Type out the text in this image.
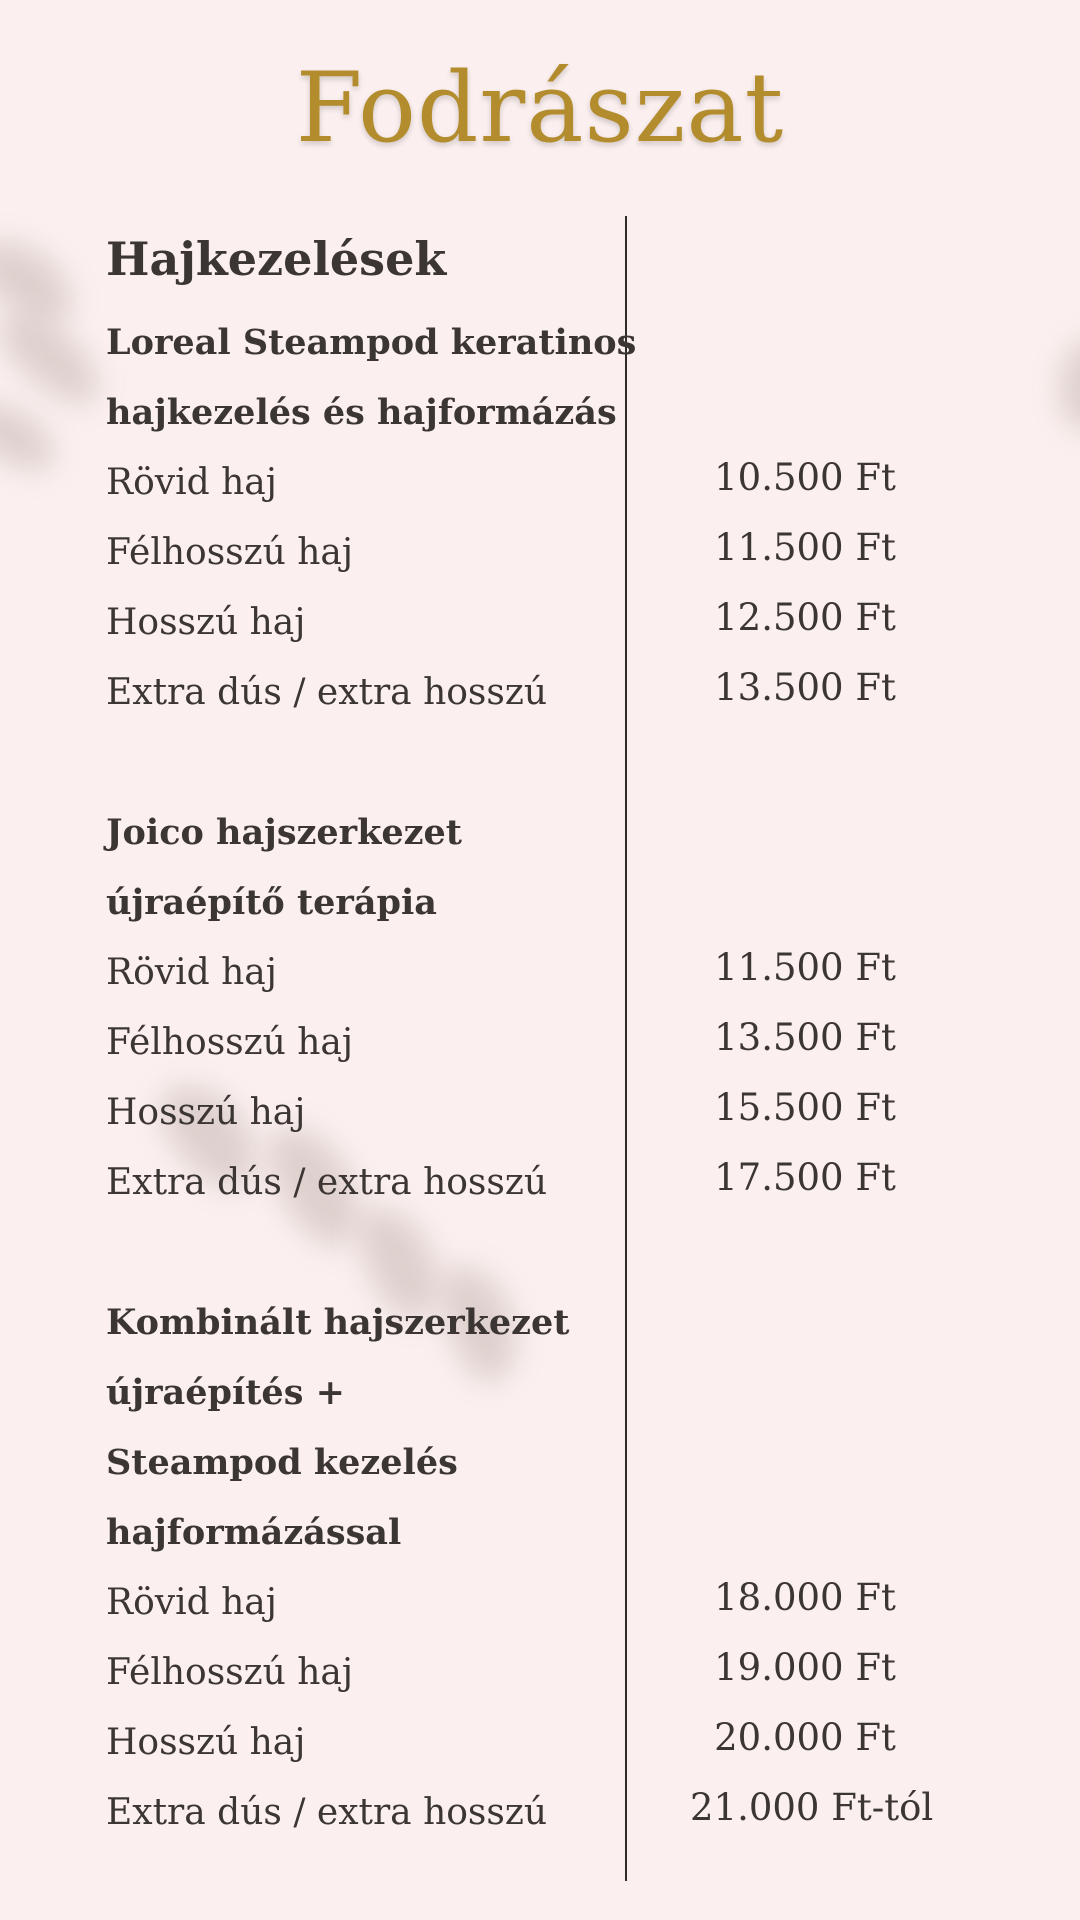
Fodrászat
Hajkezelések
Loreal Steampod keratinos
hajkezelés és hajformázás
Rövid haj	10.500 Ft
Félhosszú haj	11.500 Ft
Hosszú haj	12.500 Ft
Extra dús / extra hosszú	13.500 Ft
Joico hajszerkezet
újraépítő terápia
Rövid haj	11.500 Ft
Félhosszú haj	13.500 Ft
Hosszú haj	15.500 Ft
Extra dús / extra hosszú	17.500 Ft
Kombinált hajszerkezet
újraépítés +
Steampod kezelés
hajformázással
Rövid haj	18.000 Ft
Félhosszú haj	19.000 Ft
Hosszú haj	20.000 Ft
Extra dús / extra hosszú	21.000 Ft-tól
